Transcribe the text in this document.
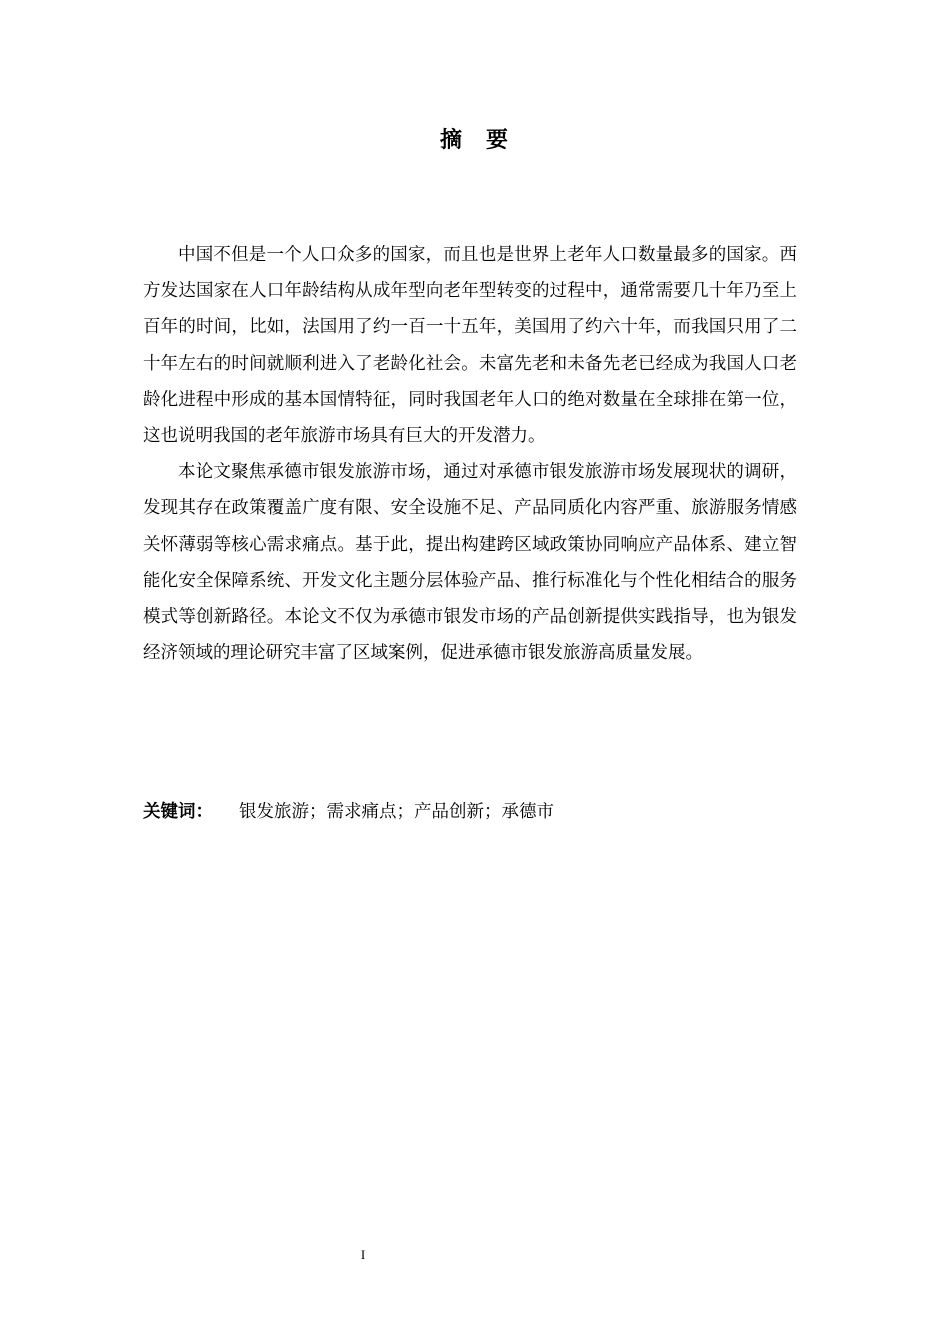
摘 要

中国不但是一个人口众多的国家，而且也是世界上老年人口数量最多的国家。西方发达国家在人口年龄结构从成年型向老年型转变的过程中，通常需要几十年乃至上百年的时间，比如，法国用了约一百一十五年，美国用了约六十年，而我国只用了二十年左右的时间就顺利进入了老龄化社会。未富先老和未备先老已经成为我国人口老龄化进程中形成的基本国情特征，同时我国老年人口的绝对数量在全球排在第一位，这也说明我国的老年旅游市场具有巨大的开发潜力。

本论文聚焦承德市银发旅游市场，通过对承德市银发旅游市场发展现状的调研，发现其存在政策覆盖广度有限、安全设施不足、产品同质化内容严重、旅游服务情感关怀薄弱等核心需求痛点。基于此，提出构建跨区域政策协同响应产品体系、建立智能化安全保障系统、开发文化主题分层体验产品、推行标准化与个性化相结合的服务模式等创新路径。本论文不仅为承德市银发市场的产品创新提供实践指导，也为银发经济领域的理论研究丰富了区域案例，促进承德市银发旅游高质量发展。

关键词： 银发旅游；需求痛点；产品创新；承德市
I
